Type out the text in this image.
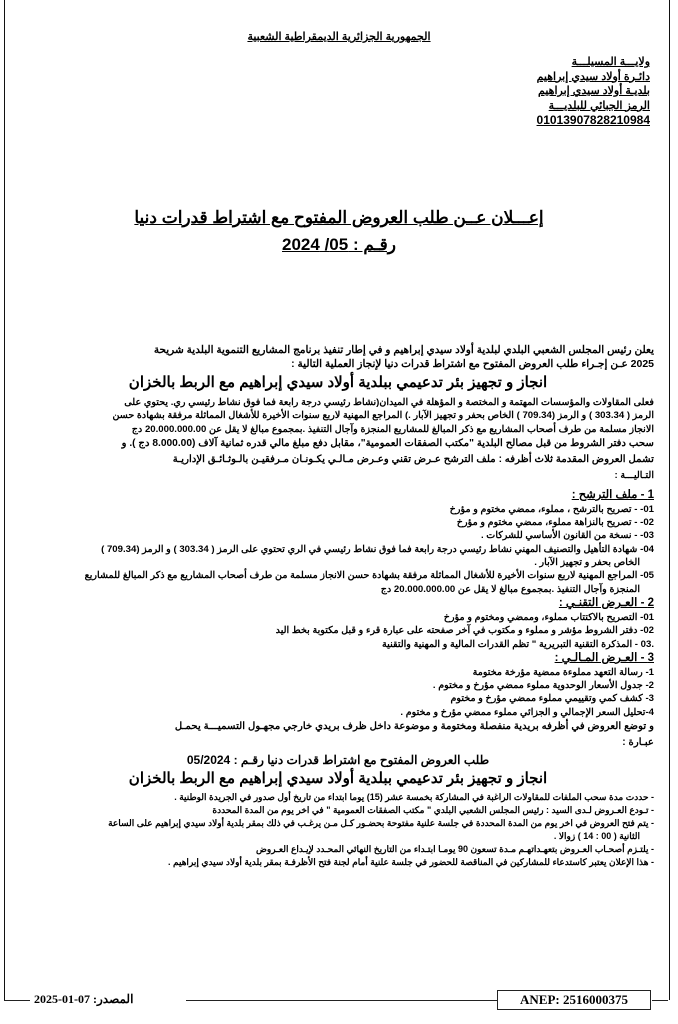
الجمهورية الجزائرية الديمقراطية الشعبية
ولايـــة المسيلـــة
دائـرة أولاد سيدي إبراهيم
بلديـة أولاد سيدي إبراهيم
الرمز الجبائي للبلديـــة
01013907828210984
إعـــلان عــن طلب العروض المفتوح مع اشتراط قدرات دنيا
رقـم : 05/ 2024
يعلن رئيس المجلس الشعبي البلدي لبلدية أولاد سيدي إبراهيم و في إطار تنفيذ برنامج المشاريع التنموية البلدية شريحة
2025 عـن إجـراء طلب العروض المفتوح مع اشتراط قدرات دنيا لإنجاز العملية التالية :
انجاز و تجهيز بئر تدعيمي ببلدية أولاد سيدي إبراهيم مع الربط بالخزان
فعلى المقاولات والمؤسسات المهتمة و المختصة و المؤهلة في الميدان(نشاط رئيسي درجة رابعة فما فوق نشاط رئيسي ري. يحتوي على
الرمز ( 303.34 ) و الرمز (709.34 ) الخاص بحفر و تجهيز الآبار .) المراجع المهنية لاربع سنوات الأخيرة للأشغال المماثلة مرفقة بشهادة حسن
الانجاز مسلمة من طرف أصحاب المشاريع مع ذكر المبالغ للمشاريع المنجزة وآجال التنفيذ .بمجموع مبالغ لا يقل عن 20.000.000.00 دج
سحب دفتر الشروط من قبل مصالح البلدية "مكتب الصفقات العمومية"، مقابل دفع مبلغ مالي قدره ثمانية آلاف (8.000.00 دج ). و
تشمل العروض المقدمة ثلاث أظرفه : ملف الترشح عـرض تقني وعـرض مـالـي يكـونـان مـرفقيـن بالـوثـائـق الإداريـة
التـاليـــة :
1 - ملف الترشح :
01- - تصريح بالترشح ، مملوء، ممضي مختوم و مؤرخ
02- - تصريح بالنزاهة مملوء، ممضي مختوم و مؤرخ
03- - نسخة من القانون الأساسي للشركات .
04- شهادة التأهيل والتصنيف المهني نشاط رئيسي درجة رابعة فما فوق نشاط رئيسي في الري تحتوي على الرمز ( 303.34 ) و الرمز (709.34 )
الخاص بحفر و تجهيز الآبار .
05- المراجع المهنية لاربع سنوات الأخيرة للأشغال المماثلة مرفقة بشهادة حسن الانجاز مسلمة من طرف أصحاب المشاريع مع ذكر المبالغ للمشاريع
المنجزة وآجال التنفيذ .بمجموع مبالغ لا يقل عن 20.000.000.00 دج
2 - العـرض التقنـي :
01- التصريح بالاكتتاب مملوء، وممضي ومختوم و مؤرخ
02- دفتر الشروط مؤشر و مملوء و مكتوب في آخر صفحته على عبارة قرء و قبل مكتوبة بخط اليد
.03 - المذكرة التقنية التبريرية " تظم القدرات المالية و المهنية والتقنية
3 - العـرض المـالـي :
1- رسالة التعهد مملوءة ممضية مؤرخة مختومة
2- جدول الأسعار الوحدوية مملوء ممضي مؤرخ و مختوم .
3- كشف كمي وتقييمي مملوء ممضي مؤرخ و مختوم
4-تحليل السعر الإجمالي و الجزائي مملوء ممضي مؤرخ و مختوم .
و توضع العروض في أظرفه بريدية منفصلة ومختومة و موضوعة داخل ظرف بريدي خارجي مجهـول التسميـــة يحمـل
عبـارة :
طلب العروض المفتوح مع اشتراط قدرات دنيا رقـم : 05/2024
انجاز و تجهيز بئر تدعيمي ببلدية أولاد سيدي إبراهيم مع الربط بالخزان
- حددت مدة سحب الملفات للمقاولات الراغبة في المشاركة بخمسة عشر (15) يوما ابتداء من تاريخ أول صدور في الجريدة الوطنية .
- تـودع العـروض لـدى السيد : رئيس المجلس الشعبي البلدي " مكتب الصفقات العمومية " في اخر يوم من المدة المحددة
- يتم فتح العروض في اخر يوم من المدة المحددة في جلسة علنية مفتوحة بحضـور كـل مـن يرغـب في ذلك بمقر بلدية أولاد سيدي إبراهيم على الساعة
الثانية ( 00 : 14 ) زوالا .
- يلتـزم أصحـاب العـروض بتعهـداتهـم مـدة تسعون 90 يومـا ابتـداء من التاريخ النهائي المحـدد لإيـداع العـروض
- هذا الإعلان يعتبر كاستدعاء للمشاركين في المناقصة للحضور في جلسة علنية أمام لجنة فتح الأظرفـة بمقر بلدية أولاد سيدي إبراهيم .
المصدر: 07-01-2025	ANEP: 2516000375
